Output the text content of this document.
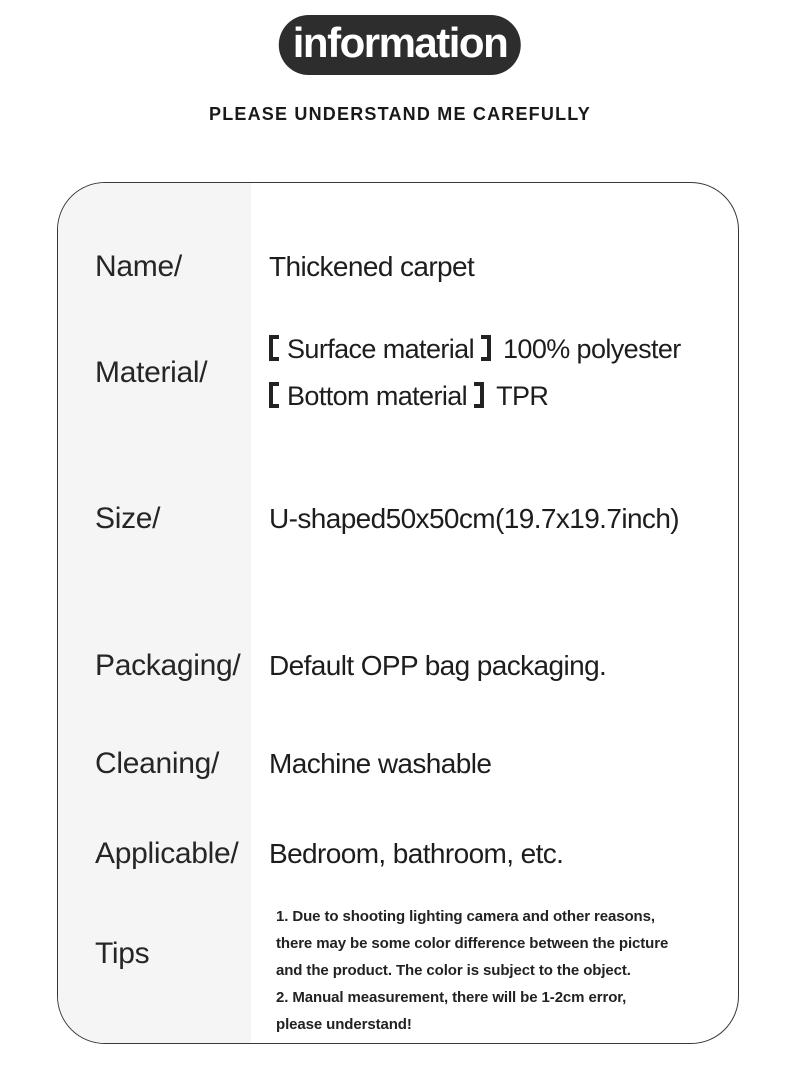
information
PLEASE UNDERSTAND ME CAREFULLY
Name/	Thickened carpet
Material/
Surface material 100% polyester
Bottom material TPR
Size/	U-shaped50x50cm(19.7x19.7inch)
Packaging/ Default OPP bag packaging.
Cleaning/ Machine washable
Applicable/ Bedroom, bathroom, etc.
Tips
1. Due to shooting lighting camera and other reasons,
there may be some color difference between the picture
and the product. The color is subject to the object.
2. Manual measurement, there will be 1-2cm error,
please understand!
